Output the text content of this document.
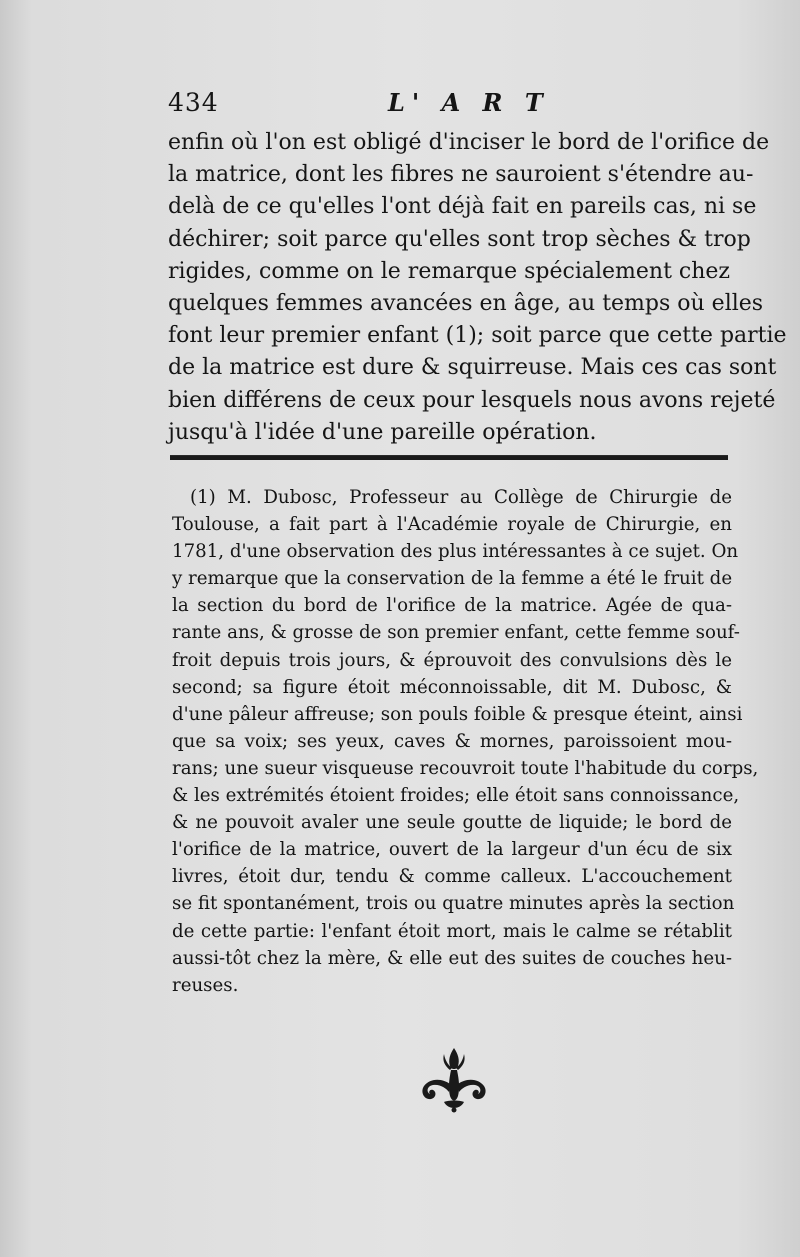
434	L' A R T
enfin où l'on est obligé d'inciser le bord de l'orifice de
la matrice, dont les fibres ne sauroient s'étendre au-
delà de ce qu'elles l'ont déjà fait en pareils cas, ni se
déchirer; soit parce qu'elles sont trop sèches & trop
rigides, comme on le remarque spécialement chez
quelques femmes avancées en âge, au temps où elles
font leur premier enfant (1); soit parce que cette partie
de la matrice est dure & squirreuse. Mais ces cas sont
bien différens de ceux pour lesquels nous avons rejeté
jusqu'à l'idée d'une pareille opération.
(1) M. Dubosc, Professeur au Collège de Chirurgie de
Toulouse, a fait part à l'Académie royale de Chirurgie, en
1781, d'une observation des plus intéressantes à ce sujet. On
y remarque que la conservation de la femme a été le fruit de
la section du bord de l'orifice de la matrice. Agée de qua-
rante ans, & grosse de son premier enfant, cette femme souf-
froit depuis trois jours, & éprouvoit des convulsions dès le
second; sa figure étoit méconnoissable, dit M. Dubosc, &
d'une pâleur affreuse; son pouls foible & presque éteint, ainsi
que sa voix; ses yeux, caves & mornes, paroissoient mou-
rans; une sueur visqueuse recouvroit toute l'habitude du corps,
& les extrémités étoient froides; elle étoit sans connoissance,
& ne pouvoit avaler une seule goutte de liquide; le bord de
l'orifice de la matrice, ouvert de la largeur d'un écu de six
livres, étoit dur, tendu & comme calleux. L'accouchement
se fit spontanément, trois ou quatre minutes après la section
de cette partie: l'enfant étoit mort, mais le calme se rétablit
aussi-tôt chez la mère, & elle eut des suites de couches heu-
reuses.
